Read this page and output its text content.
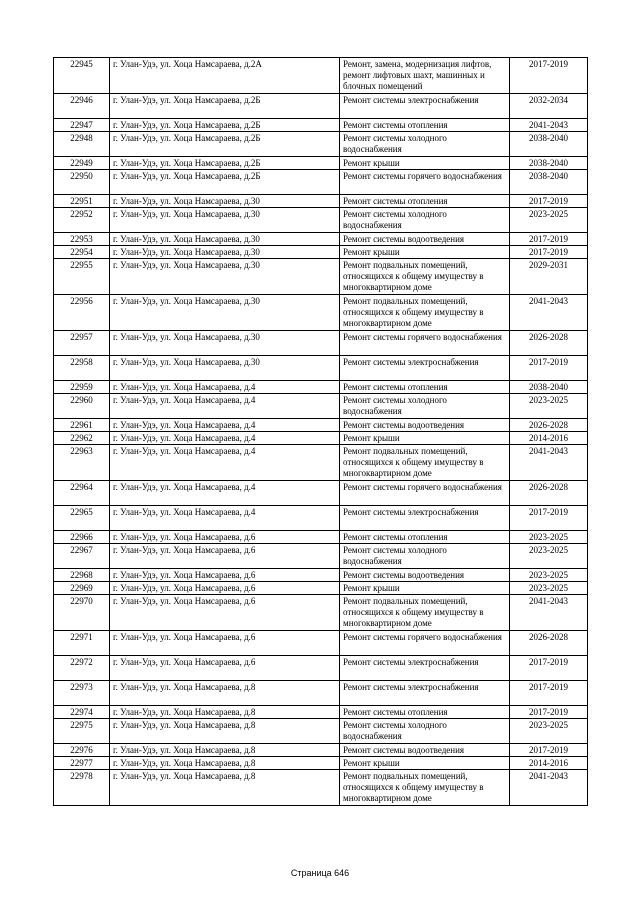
22945	г. Улан-Удэ, ул. Хоца Намсараева, д.2А	Ремонт, замена, модернизация лифтов, ремонт лифтовых шахт, машинных и блочных помещений	2017-2019
22946	г. Улан-Удэ, ул. Хоца Намсараева, д.2Б	Ремонт системы электроснабжения	2032-2034
22947	г. Улан-Удэ, ул. Хоца Намсараева, д.2Б	Ремонт системы отопления	2041-2043
22948	г. Улан-Удэ, ул. Хоца Намсараева, д.2Б	Ремонт системы холодного водоснабжения	2038-2040
22949	г. Улан-Удэ, ул. Хоца Намсараева, д.2Б	Ремонт крыши	2038-2040
22950	г. Улан-Удэ, ул. Хоца Намсараева, д.2Б	Ремонт системы горячего водоснабжения	2038-2040
22951	г. Улан-Удэ, ул. Хоца Намсараева, д.30	Ремонт системы отопления	2017-2019
22952	г. Улан-Удэ, ул. Хоца Намсараева, д.30	Ремонт системы холодного водоснабжения	2023-2025
22953	г. Улан-Удэ, ул. Хоца Намсараева, д.30	Ремонт системы водоотведения	2017-2019
22954	г. Улан-Удэ, ул. Хоца Намсараева, д.30	Ремонт крыши	2017-2019
22955	г. Улан-Удэ, ул. Хоца Намсараева, д.30	Ремонт подвальных помещений, относящихся к общему имуществу в многоквартирном доме	2029-2031
22956	г. Улан-Удэ, ул. Хоца Намсараева, д.30	Ремонт подвальных помещений, относящихся к общему имуществу в многоквартирном доме	2041-2043
22957	г. Улан-Удэ, ул. Хоца Намсараева, д.30	Ремонт системы горячего водоснабжения	2026-2028
22958	г. Улан-Удэ, ул. Хоца Намсараева, д.30	Ремонт системы электроснабжения	2017-2019
22959	г. Улан-Удэ, ул. Хоца Намсараева, д.4	Ремонт системы отопления	2038-2040
22960	г. Улан-Удэ, ул. Хоца Намсараева, д.4	Ремонт системы холодного водоснабжения	2023-2025
22961	г. Улан-Удэ, ул. Хоца Намсараева, д.4	Ремонт системы водоотведения	2026-2028
22962	г. Улан-Удэ, ул. Хоца Намсараева, д.4	Ремонт крыши	2014-2016
22963	г. Улан-Удэ, ул. Хоца Намсараева, д.4	Ремонт подвальных помещений, относящихся к общему имуществу в многоквартирном доме	2041-2043
22964	г. Улан-Удэ, ул. Хоца Намсараева, д.4	Ремонт системы горячего водоснабжения	2026-2028
22965	г. Улан-Удэ, ул. Хоца Намсараева, д.4	Ремонт системы электроснабжения	2017-2019
22966	г. Улан-Удэ, ул. Хоца Намсараева, д.6	Ремонт системы отопления	2023-2025
22967	г. Улан-Удэ, ул. Хоца Намсараева, д.6	Ремонт системы холодного водоснабжения	2023-2025
22968	г. Улан-Удэ, ул. Хоца Намсараева, д.6	Ремонт системы водоотведения	2023-2025
22969	г. Улан-Удэ, ул. Хоца Намсараева, д.6	Ремонт крыши	2023-2025
22970	г. Улан-Удэ, ул. Хоца Намсараева, д.6	Ремонт подвальных помещений, относящихся к общему имуществу в многоквартирном доме	2041-2043
22971	г. Улан-Удэ, ул. Хоца Намсараева, д.6	Ремонт системы горячего водоснабжения	2026-2028
22972	г. Улан-Удэ, ул. Хоца Намсараева, д.6	Ремонт системы электроснабжения	2017-2019
22973	г. Улан-Удэ, ул. Хоца Намсараева, д.8	Ремонт системы электроснабжения	2017-2019
22974	г. Улан-Удэ, ул. Хоца Намсараева, д.8	Ремонт системы отопления	2017-2019
22975	г. Улан-Удэ, ул. Хоца Намсараева, д.8	Ремонт системы холодного водоснабжения	2023-2025
22976	г. Улан-Удэ, ул. Хоца Намсараева, д.8	Ремонт системы водоотведения	2017-2019
22977	г. Улан-Удэ, ул. Хоца Намсараева, д.8	Ремонт крыши	2014-2016
22978	г. Улан-Удэ, ул. Хоца Намсараева, д.8	Ремонт подвальных помещений, относящихся к общему имуществу в многоквартирном доме	2041-2043
Страница 646
